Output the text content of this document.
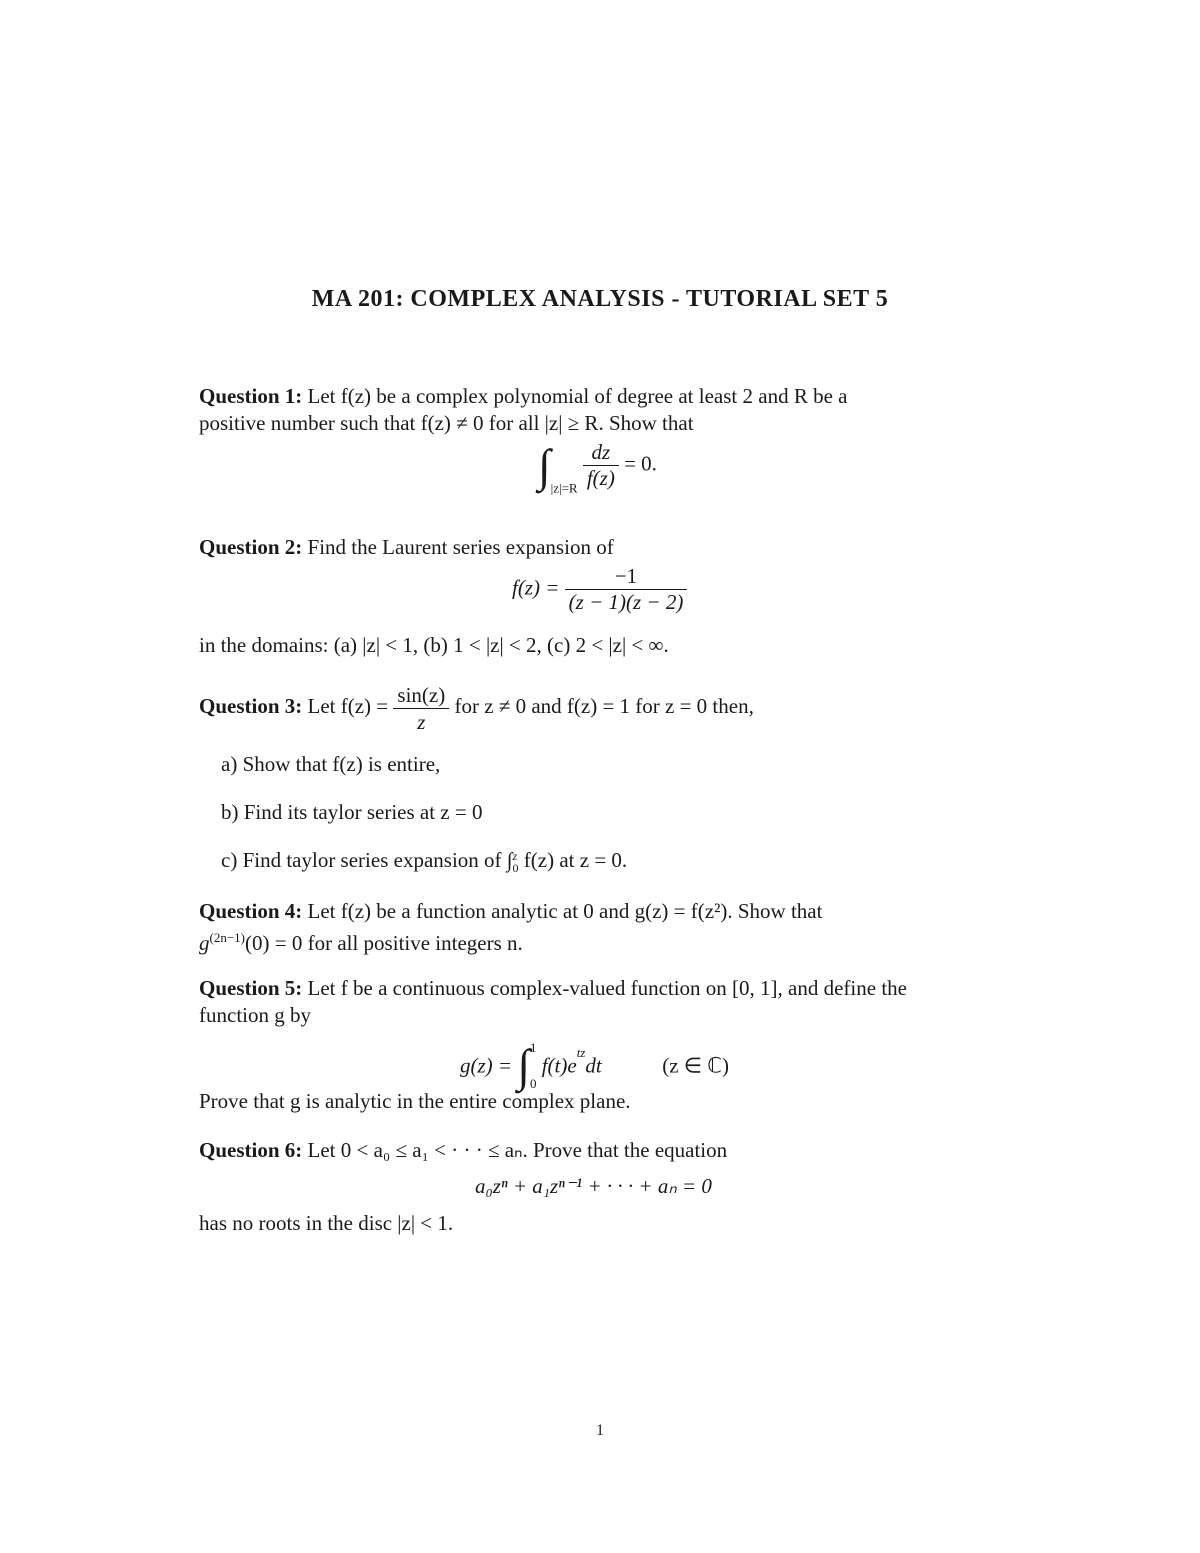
MA 201: COMPLEX ANALYSIS - TUTORIAL SET 5
Question 1: Let f(z) be a complex polynomial of degree at least 2 and R be a
positive number such that f(z) ≠ 0 for all |z| ≥ R. Show that
$\int_{|z|=R} \frac{dz}{f(z)} = 0$.
Question 2: Find the Laurent series expansion of
$f(z) = \frac{-1}{(z - 1)(z - 2)}$
in the domains: (a) |z| < 1, (b) 1 < |z| < 2, (c) 2 < |z| < ∞.
Question 3: Let $f(z) = \frac{\sin(z)}{z}$ for z ≠ 0 and f(z) = 1 for z = 0 then,
a) Show that f(z) is entire,
b) Find its taylor series at z = 0
c) Find taylor series expansion of ∫ z
0 f(z) at z = 0.
Question 4: Let f(z) be a function analytic at 0 and g(z) = f(z²). Show that
$g^{(2n-1)}(0) = 0$ for all positive integers n.
Question 5: Let f be a continuous complex-valued function on [0, 1], and define the
function g by
g(z) = ∫ 1
0
$f(t)e^{tz}dt$	(z ∈ ℂ)
Prove that g is analytic in the entire complex plane.
Question 6: Let 0 < a₀ ≤ a₁ < · · · ≤ aₙ. Prove that the equation
a₀zⁿ + a₁zⁿ⁻¹ + · · · + aₙ = 0
has no roots in the disc |z| < 1.
1
